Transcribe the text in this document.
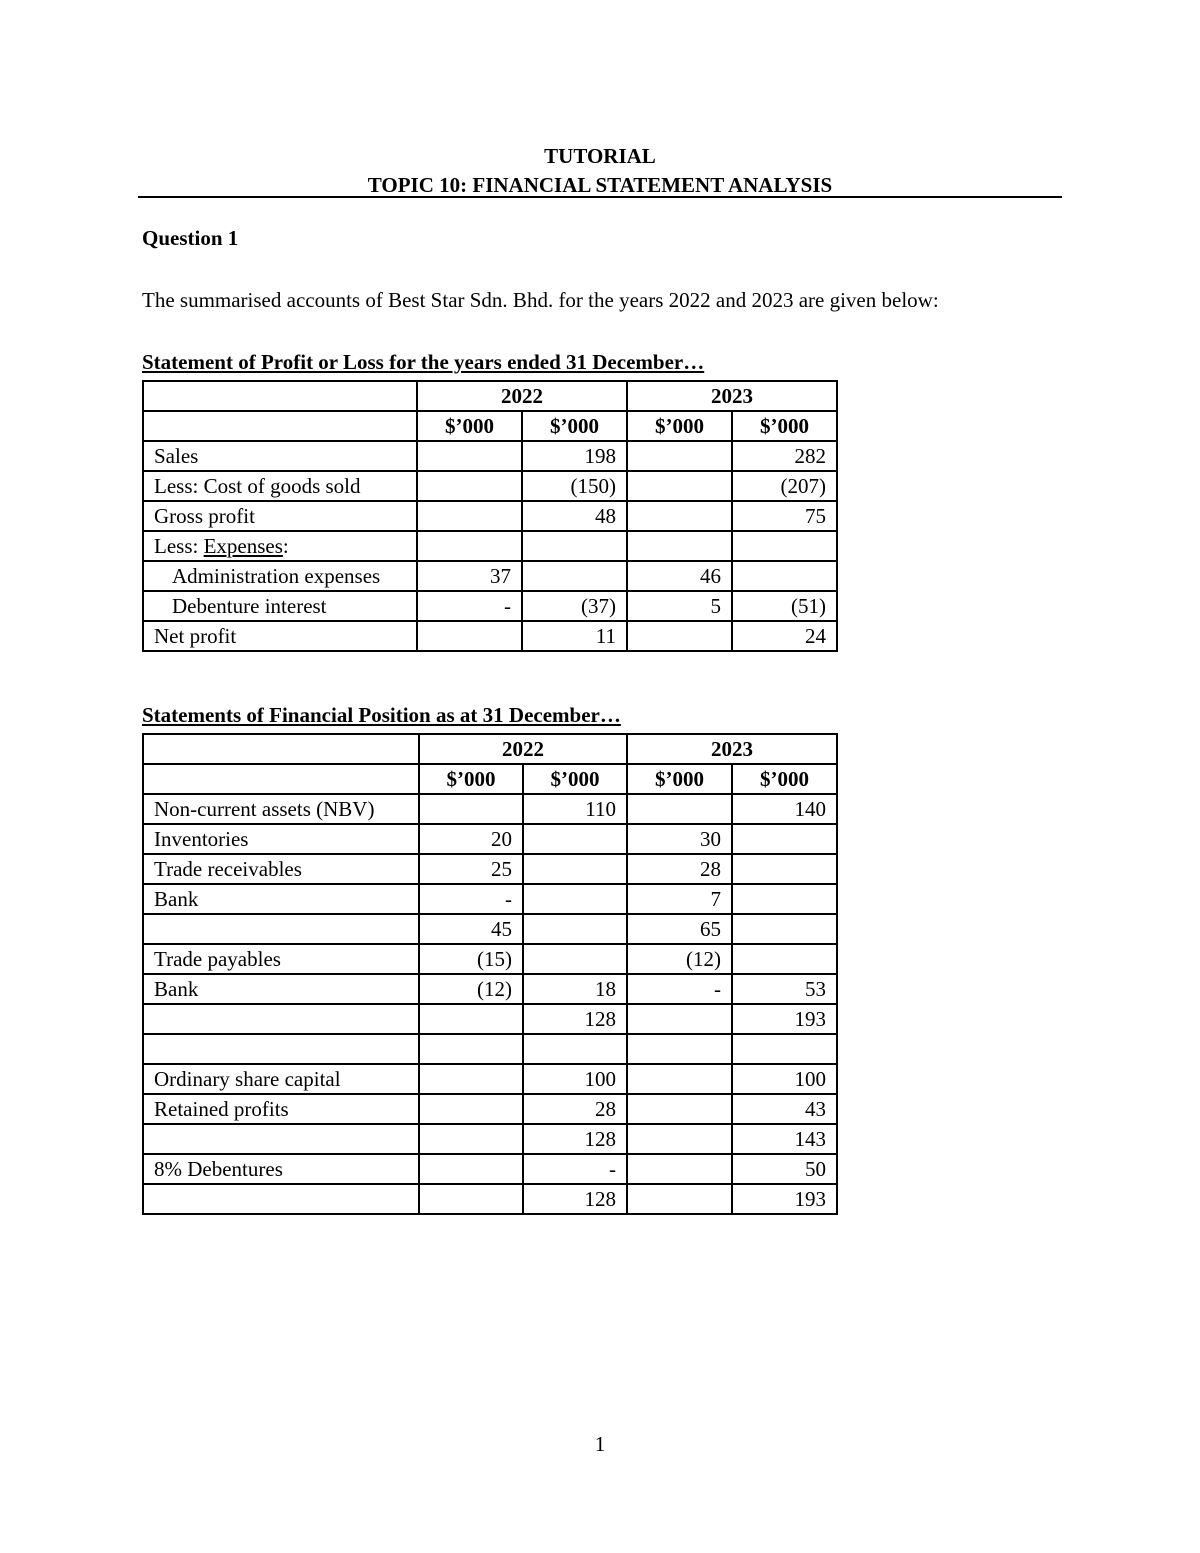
TUTORIAL
TOPIC 10: FINANCIAL STATEMENT ANALYSIS
Question 1
The summarised accounts of Best Star Sdn. Bhd. for the years 2022 and 2023 are given below:
Statement of Profit or Loss for the years ended 31 December…
	2022		2023	
	$’000	$’000	$’000	$’000
Sales		198		282
Less: Cost of goods sold		(150)		(207)
Gross profit		48		75
Less: Expenses:				
Administration expenses	37		46	
Debenture interest	-	(37)	5	(51)
Net profit		11		24
Statements of Financial Position as at 31 December…
	2022		2023	
	$’000	$’000	$’000	$’000
Non-current assets (NBV)		110		140
Inventories	20		30	
Trade receivables	25		28	
Bank	-		7	
	45		65	
Trade payables	(15)		(12)	
Bank	(12)	18	-	53
		128		193

Ordinary share capital		100		100
Retained profits		28		43
		128		143
8% Debentures		-		50
		128		193
1
